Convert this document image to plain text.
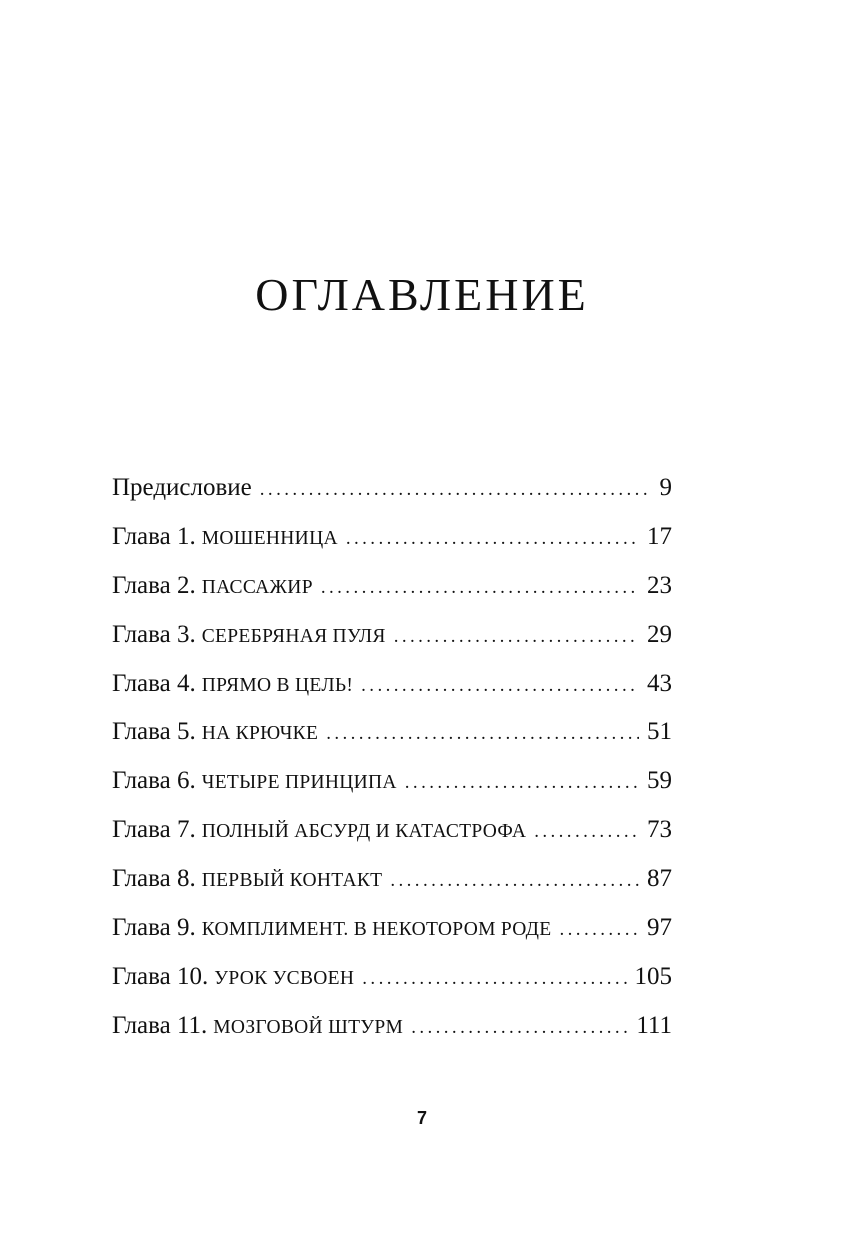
ОГЛАВЛЕНИЕ
Предисловие .....	9
Глава 1. МОШЕННИЦА .....	17
Глава 2. ПАССАЖИР .....	23
Глава 3. СЕРЕБРЯНАЯ ПУЛЯ .....	29
Глава 4. ПРЯМО В ЦЕЛЬ! .....	43
Глава 5. НА КРЮЧКЕ .....	51
Глава 6. ЧЕТЫРЕ ПРИНЦИПА .....	59
Глава 7. ПОЛНЫЙ АБСУРД И КАТАСТРОФА .....	73
Глава 8. ПЕРВЫЙ КОНТАКТ .....	87
Глава 9. КОМПЛИМЕНТ. В НЕКОТОРОМ РОДЕ .....	97
Глава 10. УРОК УСВОЕН .....	105
Глава 11. МОЗГОВОЙ ШТУРМ .....	111
7
